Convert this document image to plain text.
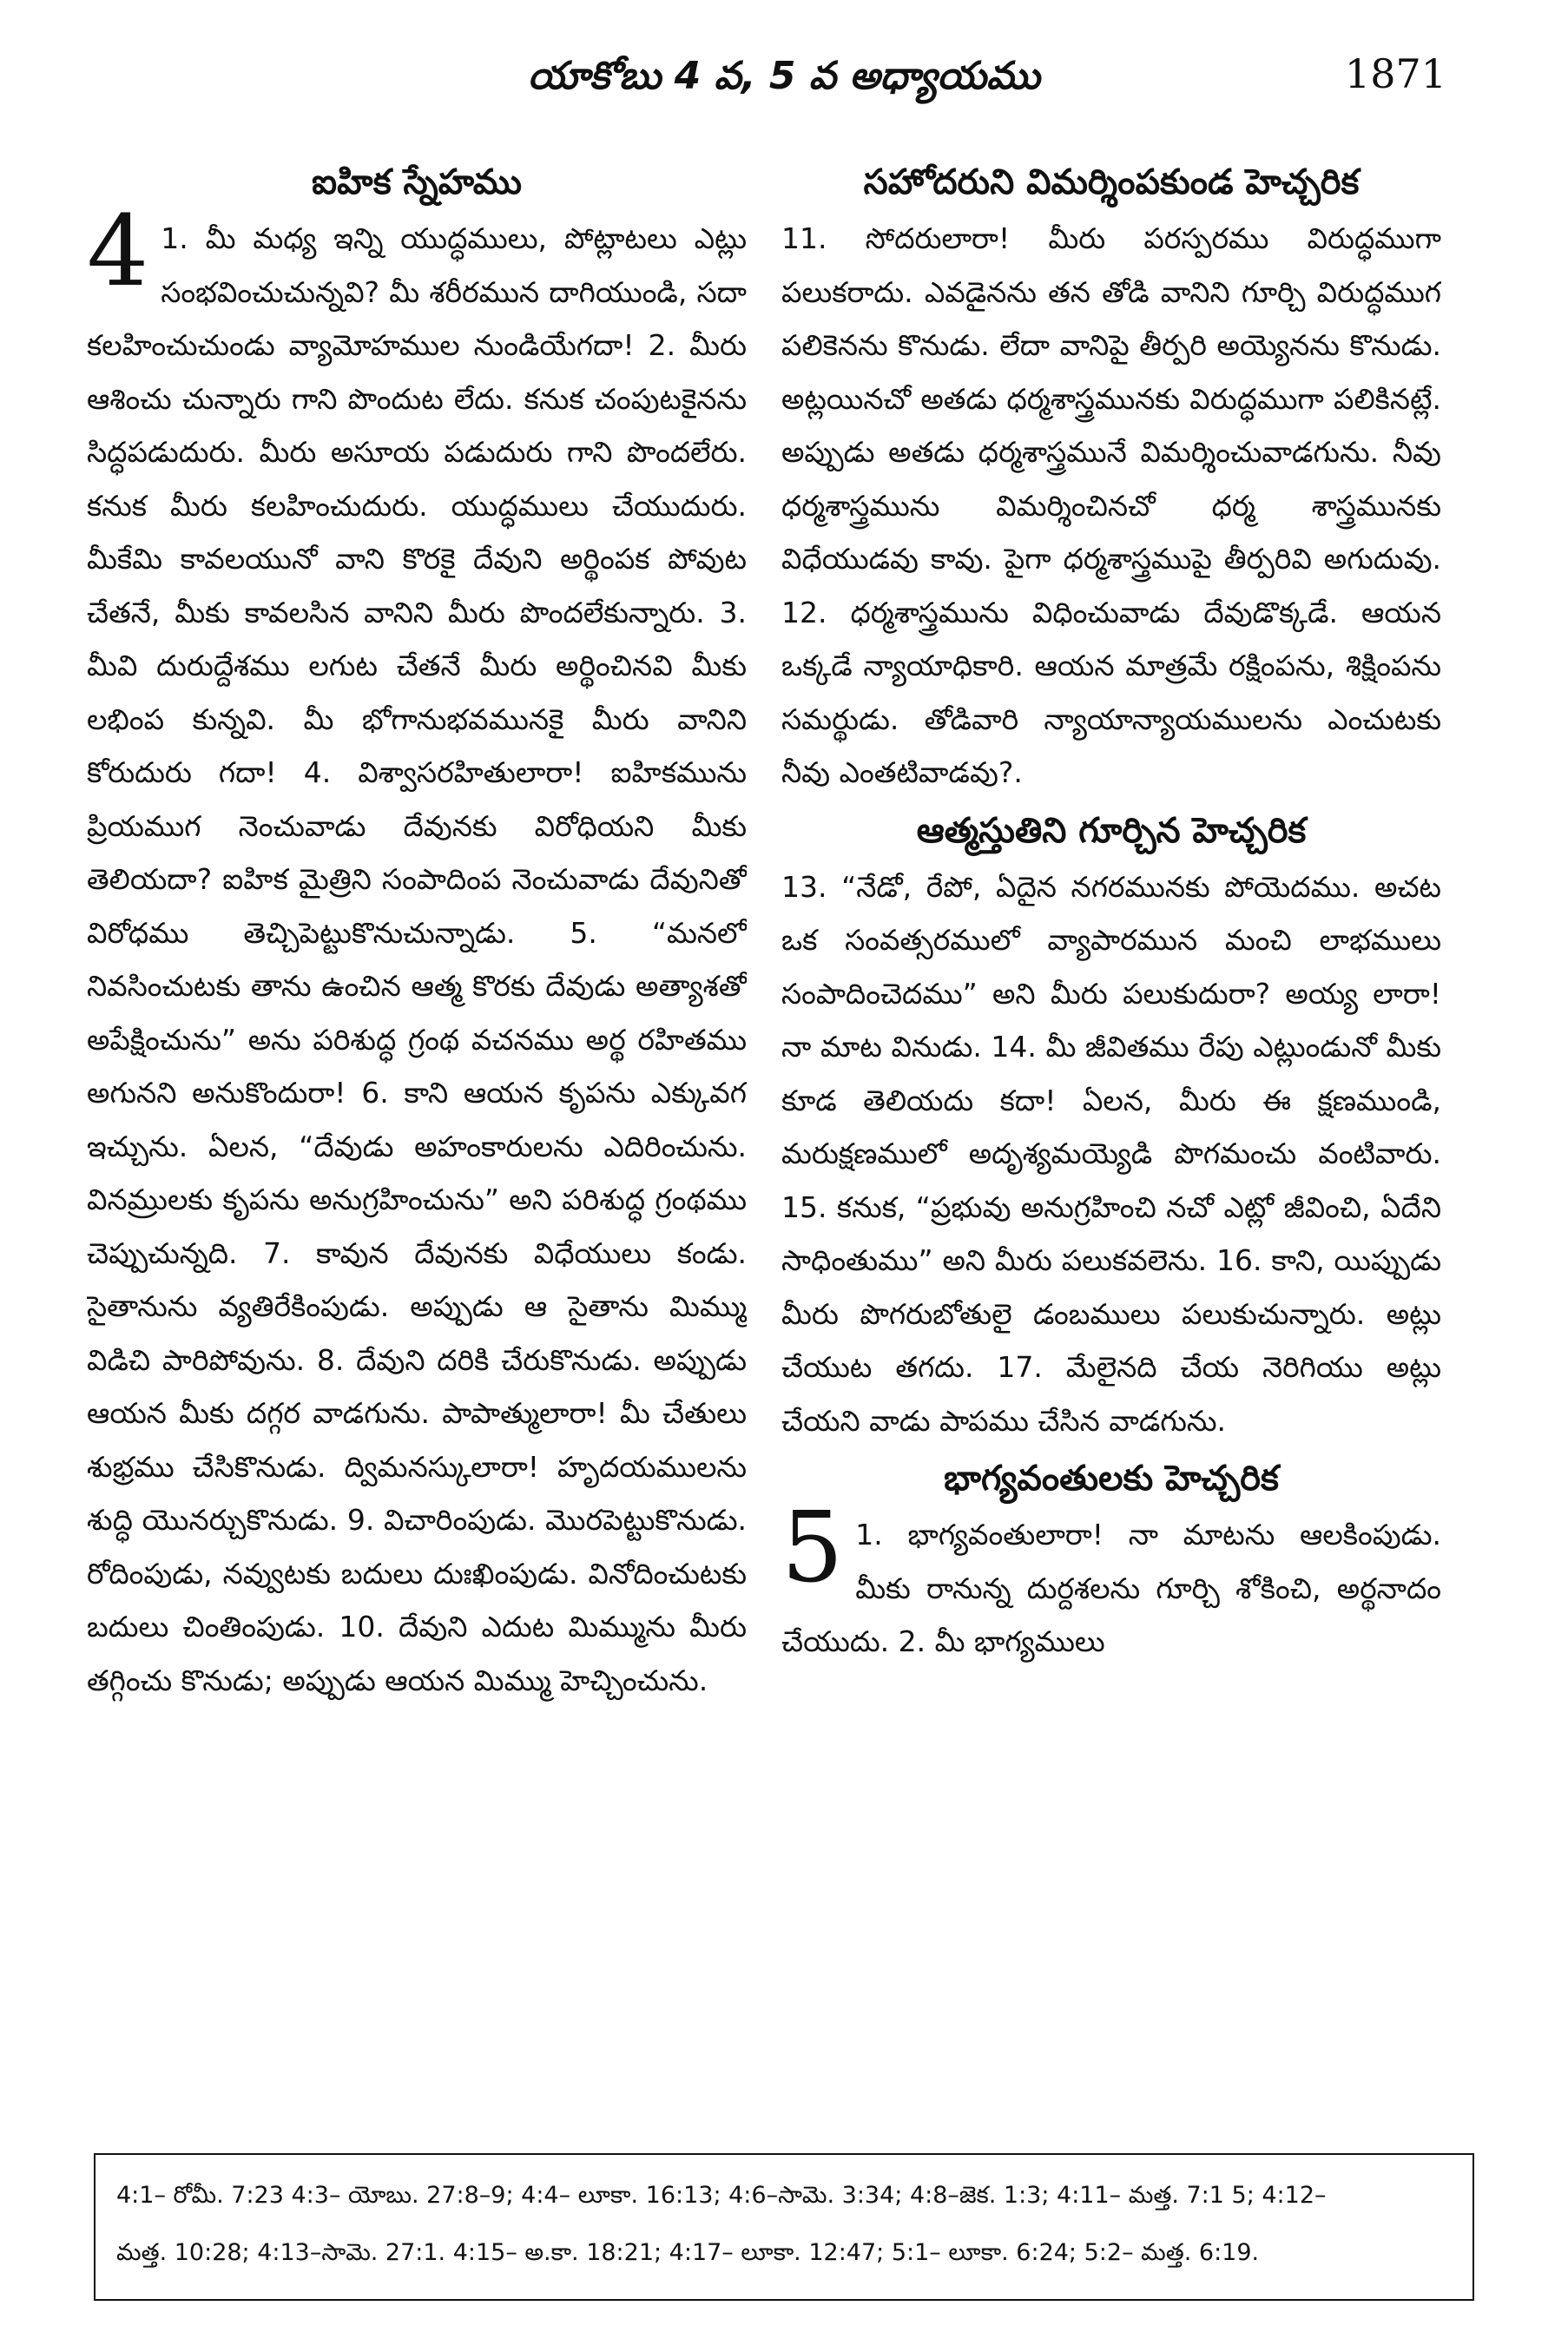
యాకోబు 4 వ, 5 వ అధ్యాయము	1871
ఐహిక స్నేహము

4 1. మీ మధ్య ఇన్ని యుద్ధములు, పోట్లాటలు ఎట్లు సంభవించుచున్నవి? మీ శరీరమున దాగియుండి, సదా కలహించుచుండు వ్యామోహముల నుండియేగదా! 2. మీరు ఆశించు చున్నారు గాని పొందుట లేదు. కనుక చంపుటకైనను సిద్ధపడుదురు. మీరు అసూయ పడుదురు గాని పొందలేరు. కనుక మీరు కలహించుదురు. యుద్ధములు చేయుదురు. మీకేమి కావలయునో వాని కొరకై దేవుని అర్థింపక పోవుట చేతనే, మీకు కావలసిన వానిని మీరు పొందలేకున్నారు. 3. మీవి దురుద్దేశము లగుట చేతనే మీరు అర్థించినవి మీకు లభింప కున్నవి. మీ భోగానుభవమునకై మీరు వానిని కోరుదురు గదా! 4. విశ్వాసరహితులారా! ఐహికమును ప్రియముగ నెంచువాడు దేవునకు విరోధియని మీకు తెలియదా? ఐహిక మైత్రిని సంపాదింప నెంచువాడు దేవునితో విరోధము తెచ్చిపెట్టుకొనుచున్నాడు. 5. “మనలో నివసించుటకు తాను ఉంచిన ఆత్మ కొరకు దేవుడు అత్యాశతో అపేక్షించును” అను పరిశుద్ధ గ్రంథ వచనము అర్థ రహితము అగునని అనుకొందురా! 6. కాని ఆయన కృపను ఎక్కువగ ఇచ్చును. ఏలన, “దేవుడు అహంకారులను ఎదిరించును. వినమ్రులకు కృపను అనుగ్రహించును” అని పరిశుద్ధ గ్రంథము చెప్పుచున్నది. 7. కావున దేవునకు విధేయులు కండు. సైతానును వ్యతిరేకింపుడు. అప్పుడు ఆ సైతాను మిమ్ము విడిచి పారిపోవును. 8. దేవుని దరికి చేరుకొనుడు. అప్పుడు ఆయన మీకు దగ్గర వాడగును. పాపాత్ములారా! మీ చేతులు శుభ్రము చేసికొనుడు. ద్విమనస్కులారా! హృదయములను శుద్ధి యొనర్చుకొనుడు. 9. విచారింపుడు. మొరపెట్టుకొనుడు. రోదింపుడు, నవ్వుటకు బదులు దుఃఖింపుడు. వినోదించుటకు బదులు చింతింపుడు. 10. దేవుని ఎదుట మిమ్మును మీరు తగ్గించు కొనుడు; అప్పుడు ఆయన మిమ్ము హెచ్చించును.

సహోదరుని విమర్శింపకుండ హెచ్చరిక

11. సోదరులారా! మీరు పరస్పరము విరుద్ధముగా పలుకరాదు. ఎవడైనను తన తోడి వానిని గూర్చి విరుద్ధముగ పలికెనను కొనుడు. లేదా వానిపై తీర్పరి అయ్యెనను కొనుడు. అట్లయినచో అతడు ధర్మశాస్త్రమునకు విరుద్ధముగా పలికినట్లే. అప్పుడు అతడు ధర్మశాస్త్రమునే విమర్శించువాడగును. నీవు ధర్మశాస్త్రమును విమర్శించినచో ధర్మ శాస్త్రమునకు విధేయుడవు కావు. పైగా ధర్మశాస్త్రముపై తీర్పరివి అగుదువు. 12. ధర్మశాస్త్రమును విధించువాడు దేవుడొక్కడే. ఆయన ఒక్కడే న్యాయాధికారి. ఆయన మాత్రమే రక్షింపను, శిక్షింపను సమర్థుడు. తోడివారి న్యాయాన్యాయములను ఎంచుటకు నీవు ఎంతటివాడవు?.

ఆత్మస్తుతిని గూర్చిన హెచ్చరిక

13. “నేడో, రేపో, ఏదైన నగరమునకు పోయెదము. అచట ఒక సంవత్సరములో వ్యాపారమున మంచి లాభములు సంపాదించెదము” అని మీరు పలుకుదురా? అయ్య లారా! నా మాట వినుడు. 14. మీ జీవితము రేపు ఎట్లుండునో మీకు కూడ తెలియదు కదా! ఏలన, మీరు ఈ క్షణముండి, మరుక్షణములో అదృశ్యమయ్యెడి పొగమంచు వంటివారు. 15. కనుక, “ప్రభువు అనుగ్రహించి నచో ఎట్లో జీవించి, ఏదేని సాధింతుము” అని మీరు పలుకవలెను. 16. కాని, యిప్పుడు మీరు పొగరుబోతులై డంబములు పలుకుచున్నారు. అట్లు చేయుట తగదు. 17. మేలైనది చేయ నెరిగియు అట్లు చేయని వాడు పాపము చేసిన వాడగును.

భాగ్యవంతులకు హెచ్చరిక

5 1. భాగ్యవంతులారా! నా మాటను ఆలకింపుడు. మీకు రానున్న దుర్దశలను గూర్చి శోకించి, అర్థనాదం చేయుదు. 2. మీ భాగ్యములు

4:1– రోమీ. 7:23 4:3– యోబు. 27:8–9; 4:4– లూకా. 16:13; 4:6–సామె. 3:34; 4:8–జెక. 1:3; 4:11– మత్త. 7:1 5; 4:12–
మత్త. 10:28; 4:13–సామె. 27:1. 4:15– అ.కా. 18:21; 4:17– లూకా. 12:47; 5:1– లూకా. 6:24; 5:2– మత్త. 6:19.
